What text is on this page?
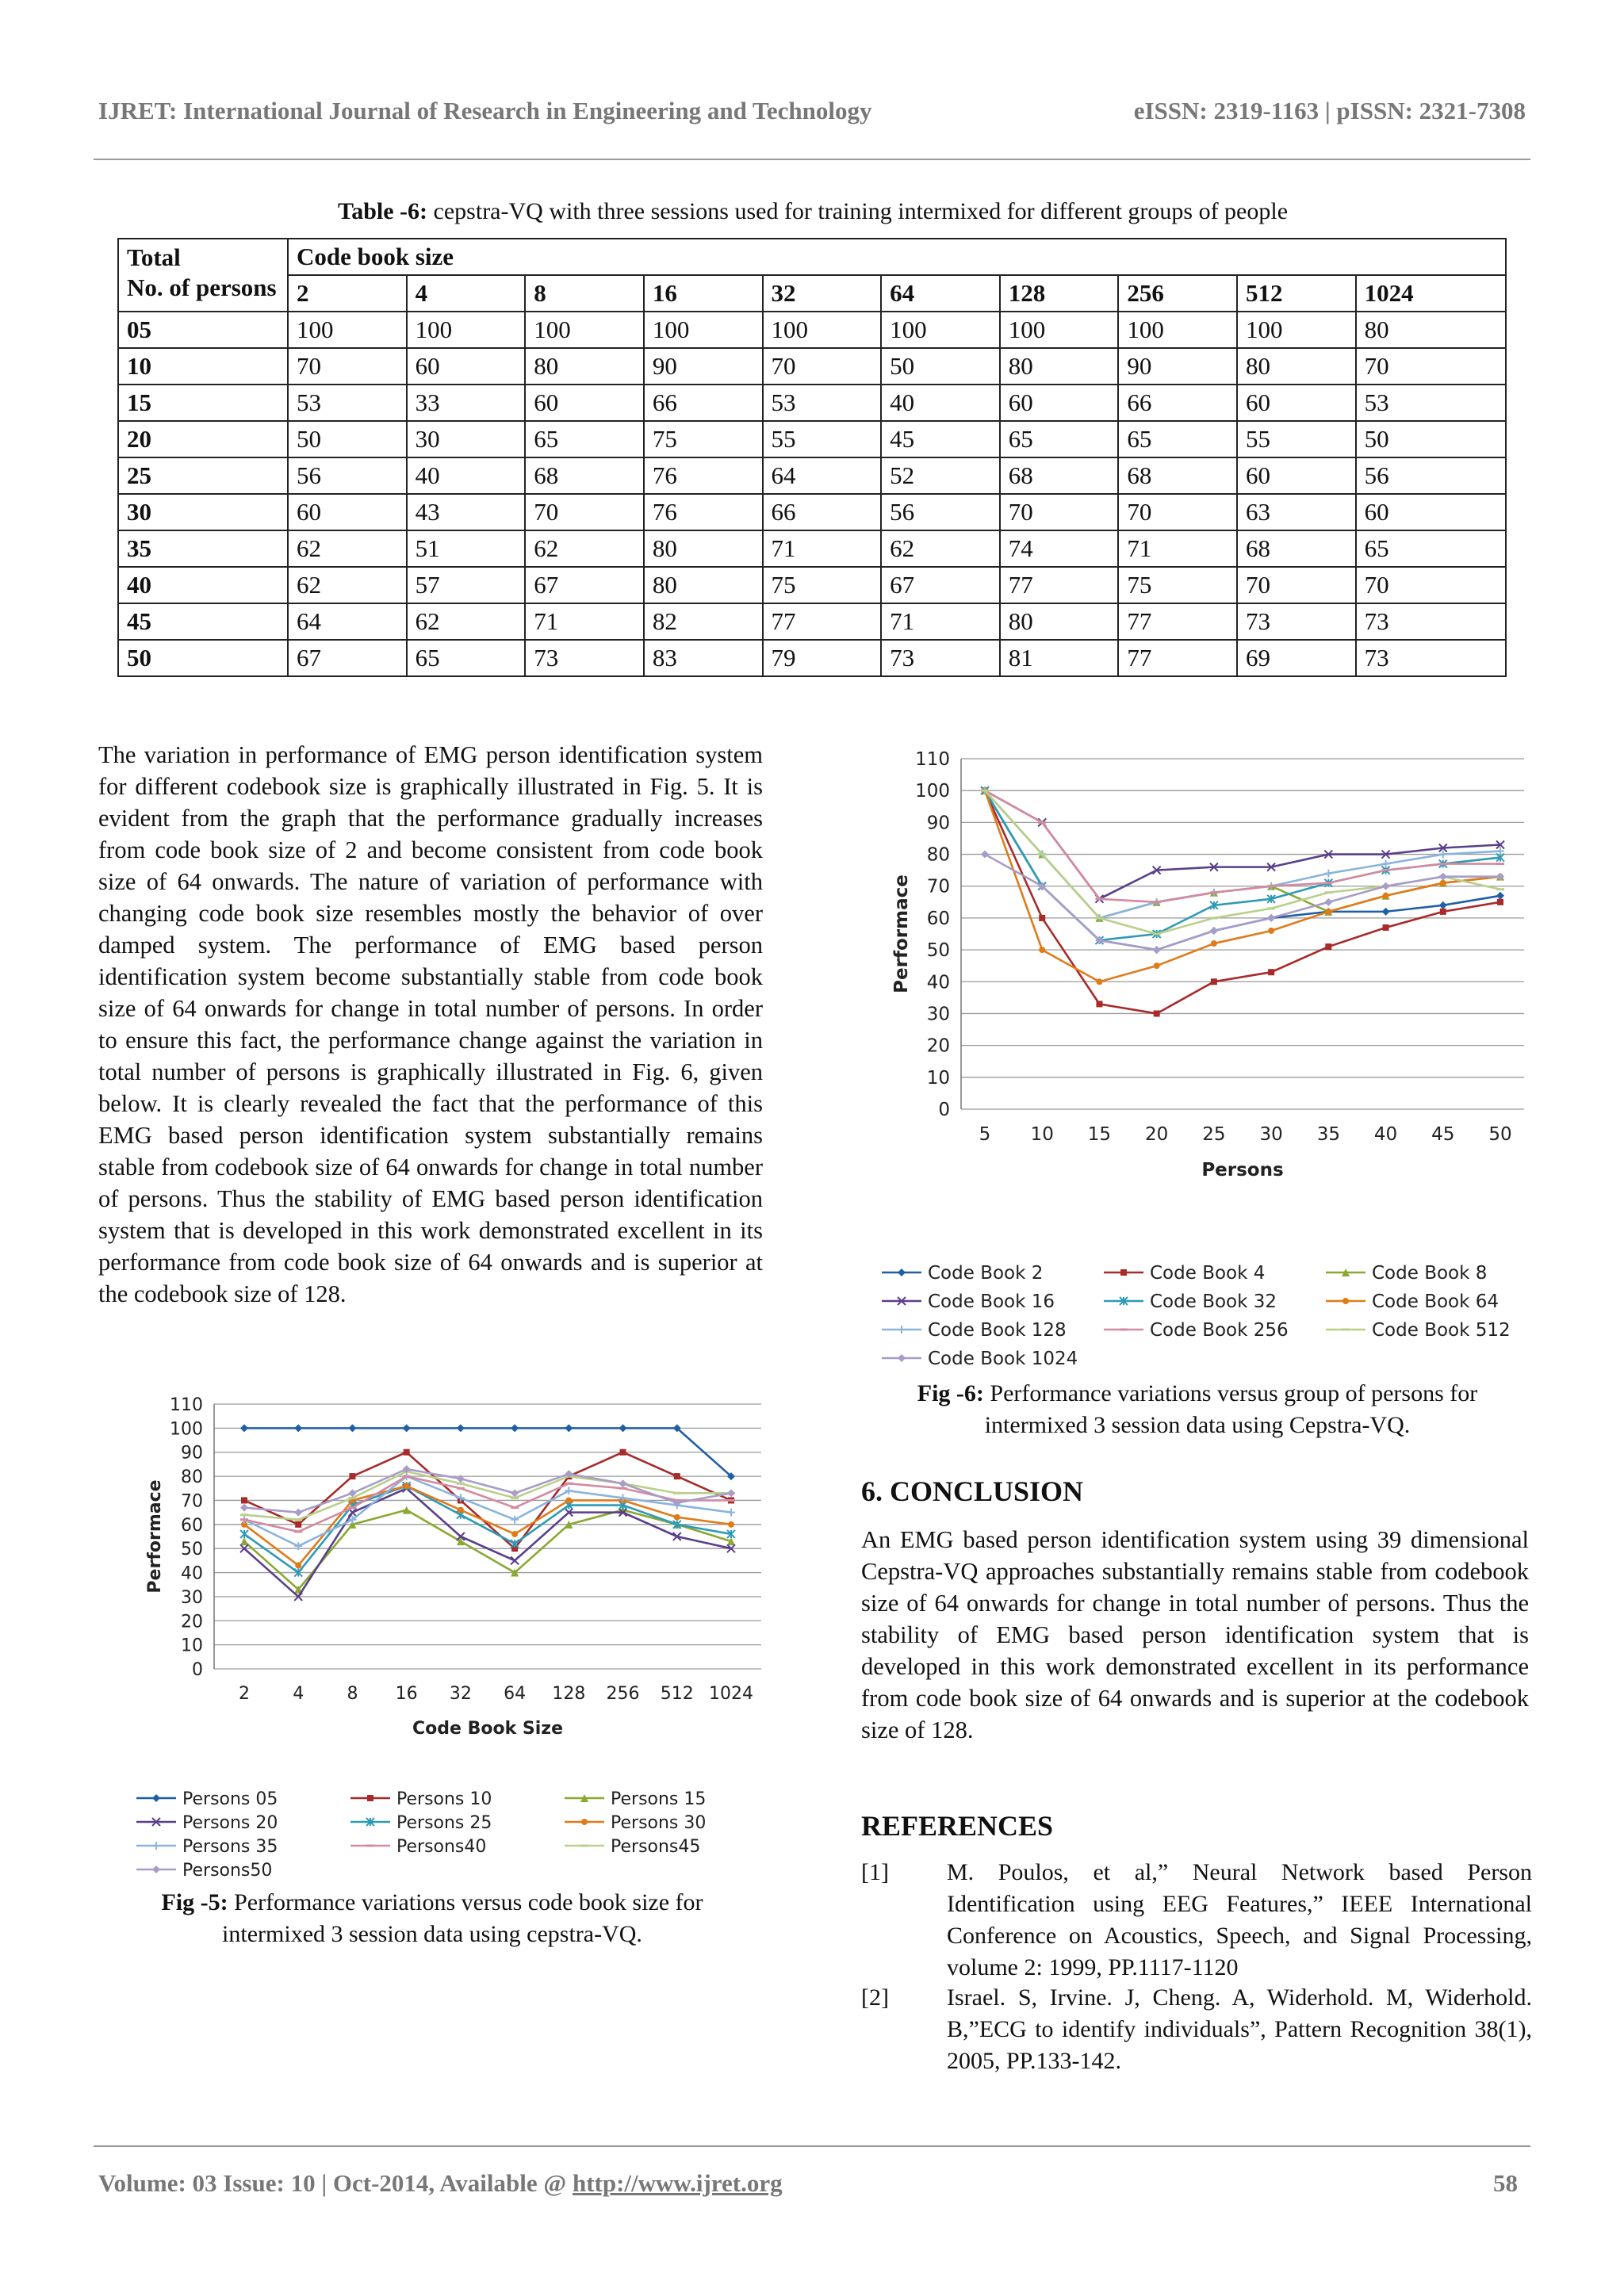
IJRET: International Journal of Research in Engineering and Technology	eISSN: 2319-1163 | pISSN: 2321-7308
Table -6: cepstra-VQ with three sessions used for training intermixed for different groups of people
Total
No. of persons	Code book size									
	2	4	8	16	32	64	128	256	512	1024
05	100	100	100	100	100	100	100	100	100	80
10	70	60	80	90	70	50	80	90	80	70
15	53	33	60	66	53	40	60	66	60	53
20	50	30	65	75	55	45	65	65	55	50
25	56	40	68	76	64	52	68	68	60	56
30	60	43	70	76	66	56	70	70	63	60
35	62	51	62	80	71	62	74	71	68	65
40	62	57	67	80	75	67	77	75	70	70
45	64	62	71	82	77	71	80	77	73	73
50	67	65	73	83	79	73	81	77	69	73
The variation in performance of EMG person identification system for different codebook size is graphically illustrated in Fig. 5. It is evident from the graph that the performance gradually increases from code book size of 2 and become consistent from code book size of 64 onwards. The nature of variation of performance with changing code book size resembles mostly the behavior of over damped system. The performance of EMG based person identification system become substantially stable from code book size of 64 onwards for change in total number of persons. In order to ensure this fact, the performance change against the variation in total number of persons is graphically illustrated in Fig. 6, given below. It is clearly revealed the fact that the performance of this EMG based person identification system substantially remains stable from codebook size of 64 onwards for change in total number of persons. Thus the stability of EMG based person identification system that is developed in this work demonstrated excellent in its performance from code book size of 64 onwards and is superior at the codebook size of 128.
0
10
20
30
40
50
60
70
80
90
100
110
2 4 8 16 32 64 128 256 512 1024
Code Book Size
Performace
Persons 05	Persons 10	Persons 15
Persons 20	Persons 25	Persons 30
Persons 35	Persons40	Persons45
Persons50
Fig -5: Performance variations versus code book size for intermixed 3 session data using cepstra-VQ.
0
10
20
30
40
50
60
70
80
90
100
110
5 10 15 20 25 30 35 40 45 50
Persons
Performace
Code Book 2	Code Book 4	Code Book 8
Code Book 16	Code Book 32	Code Book 64
Code Book 128	Code Book 256	Code Book 512
Code Book 1024
Fig -6: Performance variations versus group of persons for intermixed 3 session data using Cepstra-VQ.
6. CONCLUSION
An EMG based person identification system using 39 dimensional Cepstra-VQ approaches substantially remains stable from codebook size of 64 onwards for change in total number of persons. Thus the stability of EMG based person identification system that is developed in this work demonstrated excellent in its performance from code book size of 64 onwards and is superior at the codebook size of 128.
REFERENCES
[1] M. Poulos, et al,” Neural Network based Person Identification using EEG Features,” IEEE International Conference on Acoustics, Speech, and Signal Processing, volume 2: 1999, PP.1117-1120
[2] Israel. S, Irvine. J, Cheng. A, Widerhold. M, Widerhold. B,”ECG to identify individuals”, Pattern Recognition 38(1), 2005, PP.133-142.
Volume: 03 Issue: 10 | Oct-2014, Available @ http://www.ijret.org	58
